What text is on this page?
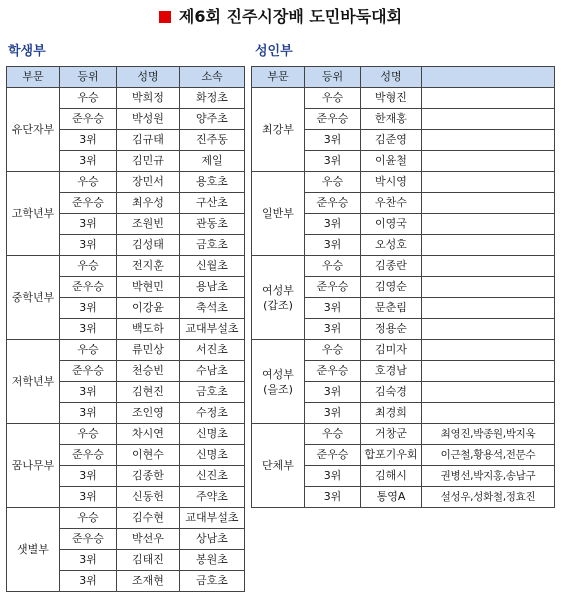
제6회 진주시장배 도민바둑대회
학생부	성인부
부문	등위	성명	소속
유단자부	우승	박희정	화정초
	준우승	박성원	양주초
	3위	김규태	진주동
	3위	김민규	제일
고학년부	우승	장민서	용호초
	준우승	최우성	구산초
	3위	조원빈	관동초
	3위	김성태	금호초
중학년부	우승	전지훈	신월초
	준우승	박현민	용남초
	3위	이강윤	축석초
	3위	백도하	교대부설초
저학년부	우승	류민상	서진초
	준우승	천승빈	수남초
	3위	김현진	금호초
	3위	조인영	수정초
꿈나무부	우승	차시연	신명초
	준우승	이현수	신명초
	3위	김종한	신진초
	3위	신동헌	주약초
샛별부	우승	김수현	교대부설초
	준우승	박선우	상남초
	3위	김태진	봉원초
	3위	조재현	금호초
부문	등위	성명	
최강부	우승	박형진	
	준우승	한재홍	
	3위	김준영	
	3위	이윤철	
일반부	우승	박시영	
	준우승	우찬수	
	3위	이영국	
	3위	오성호	
여성부
(갑조)	우승	김종란	
	준우승	김영순	
	3위	문춘림	
	3위	정용순	
여성부
(을조)	우승	김미자	
	준우승	호경남	
	3위	김숙경	
	3위	최경희	
단체부	우승	거창군	최영진,박종원,박지욱
	준우승	합포기우회	이근철,황용석,전문수
	3위	김해시	권병선,박지홍,송남구
	3위	통영A	설성우,성화철,정효진
